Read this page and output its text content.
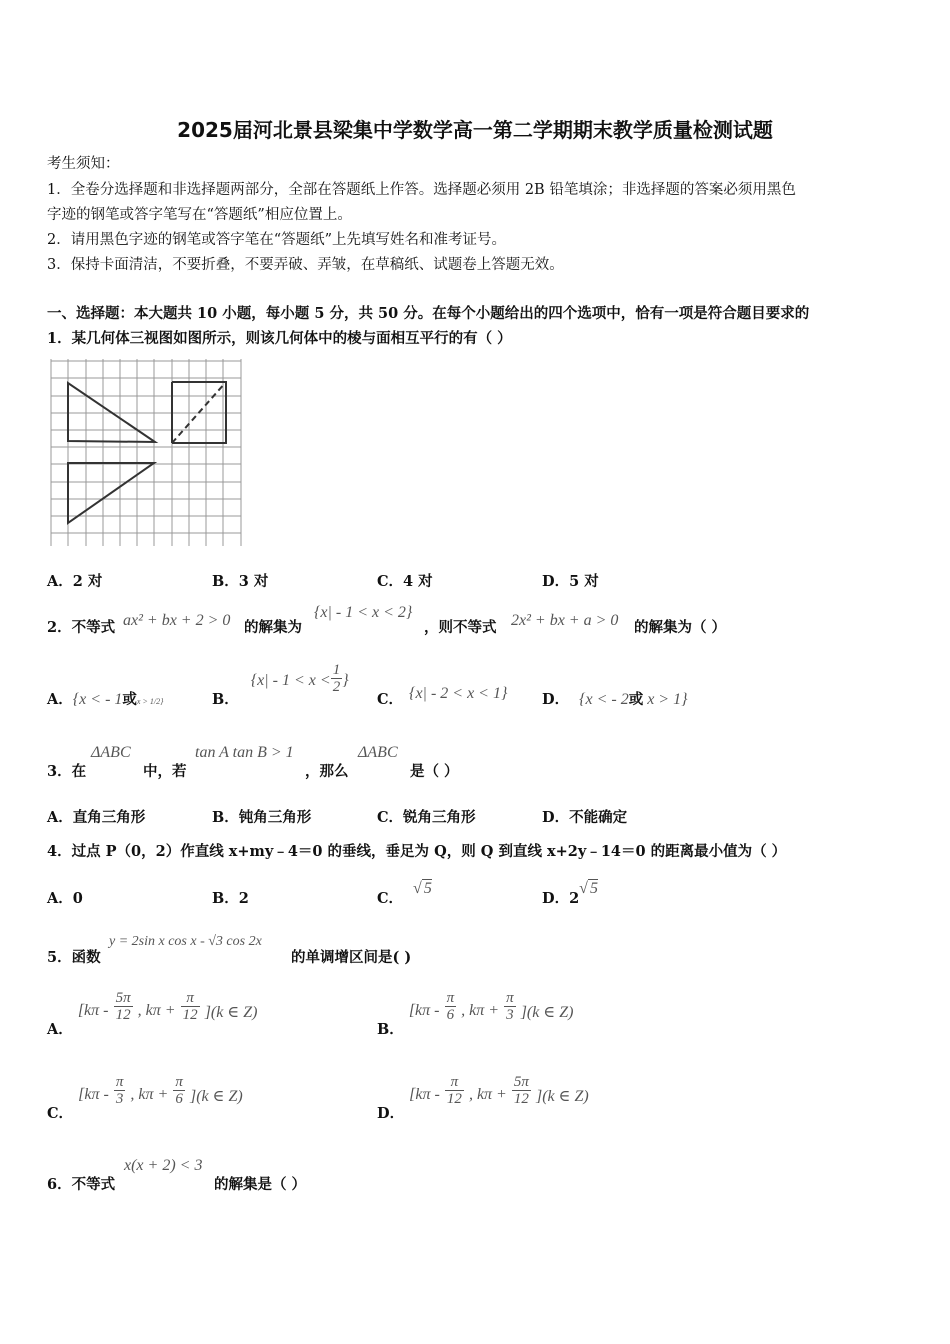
2025届河北景县梁集中学数学高一第二学期期末教学质量检测试题
考生须知：
1．全卷分选择题和非选择题两部分，全部在答题纸上作答。选择题必须用 2B 铅笔填涂；非选择题的答案必须用黑色
字迹的钢笔或答字笔写在“答题纸”相应位置上。
2．请用黑色字迹的钢笔或答字笔在“答题纸”上先填写姓名和准考证号。
3．保持卡面清洁，不要折叠，不要弄破、弄皱，在草稿纸、试题卷上答题无效。
一、选择题：本大题共 10 小题，每小题 5 分，共 50 分。在每个小题给出的四个选项中，恰有一项是符合题目要求的
1．某几何体三视图如图所示，则该几何体中的棱与面相互平行的有（ ）
A．2 对	B．3 对	C．4 对	D．5 对
2．不等式 ax² + bx + 2 > 0 的解集为
{x| - 1 < x < 2}
，则不等式 2x² + bx + a > 0 的解集为（ ）
A．{x < - 1或x > 1/2}	B．{$x| - 1 < x < \frac{1}{2}$ }
C． {x| - 2 < x < 1} D． {x < - 2或 x > 1}
3．在
ΔABC
中，若
tan A tan B > 1
，那么
ΔABC
是（ ）
A．直角三角形	B．钝角三角形	C．锐角三角形	D．不能确定
4．过点 P（0，2）作直线 x+my﹣4＝0 的垂线，垂足为 Q，则 Q 到直线 x+2y﹣14＝0 的距离最小值为（ ）
A．0	B．2	C．√ 5
D．2√ 5
5．函数
y = 2sin x cos x - √3 cos 2x
的单调增区间是( )
A． [$k\pi - \frac{5\pi}{12}$ , $k\pi + \frac{\pi}{12} ](k$ ∈ Z)
B． [$k\pi - \frac{\pi}{6}$ , $k\pi + \frac{\pi}{3} ](k$ ∈ Z)
C． [$k\pi - \frac{\pi}{3}$ , $k\pi + \frac{\pi}{6} ](k$ ∈ Z)
D． [$k\pi - \frac{\pi}{12}$ , $k\pi + \frac{5\pi}{12} ](k$ ∈ Z)
6．不等式
x(x + 2) < 3
的解集是（ ）
